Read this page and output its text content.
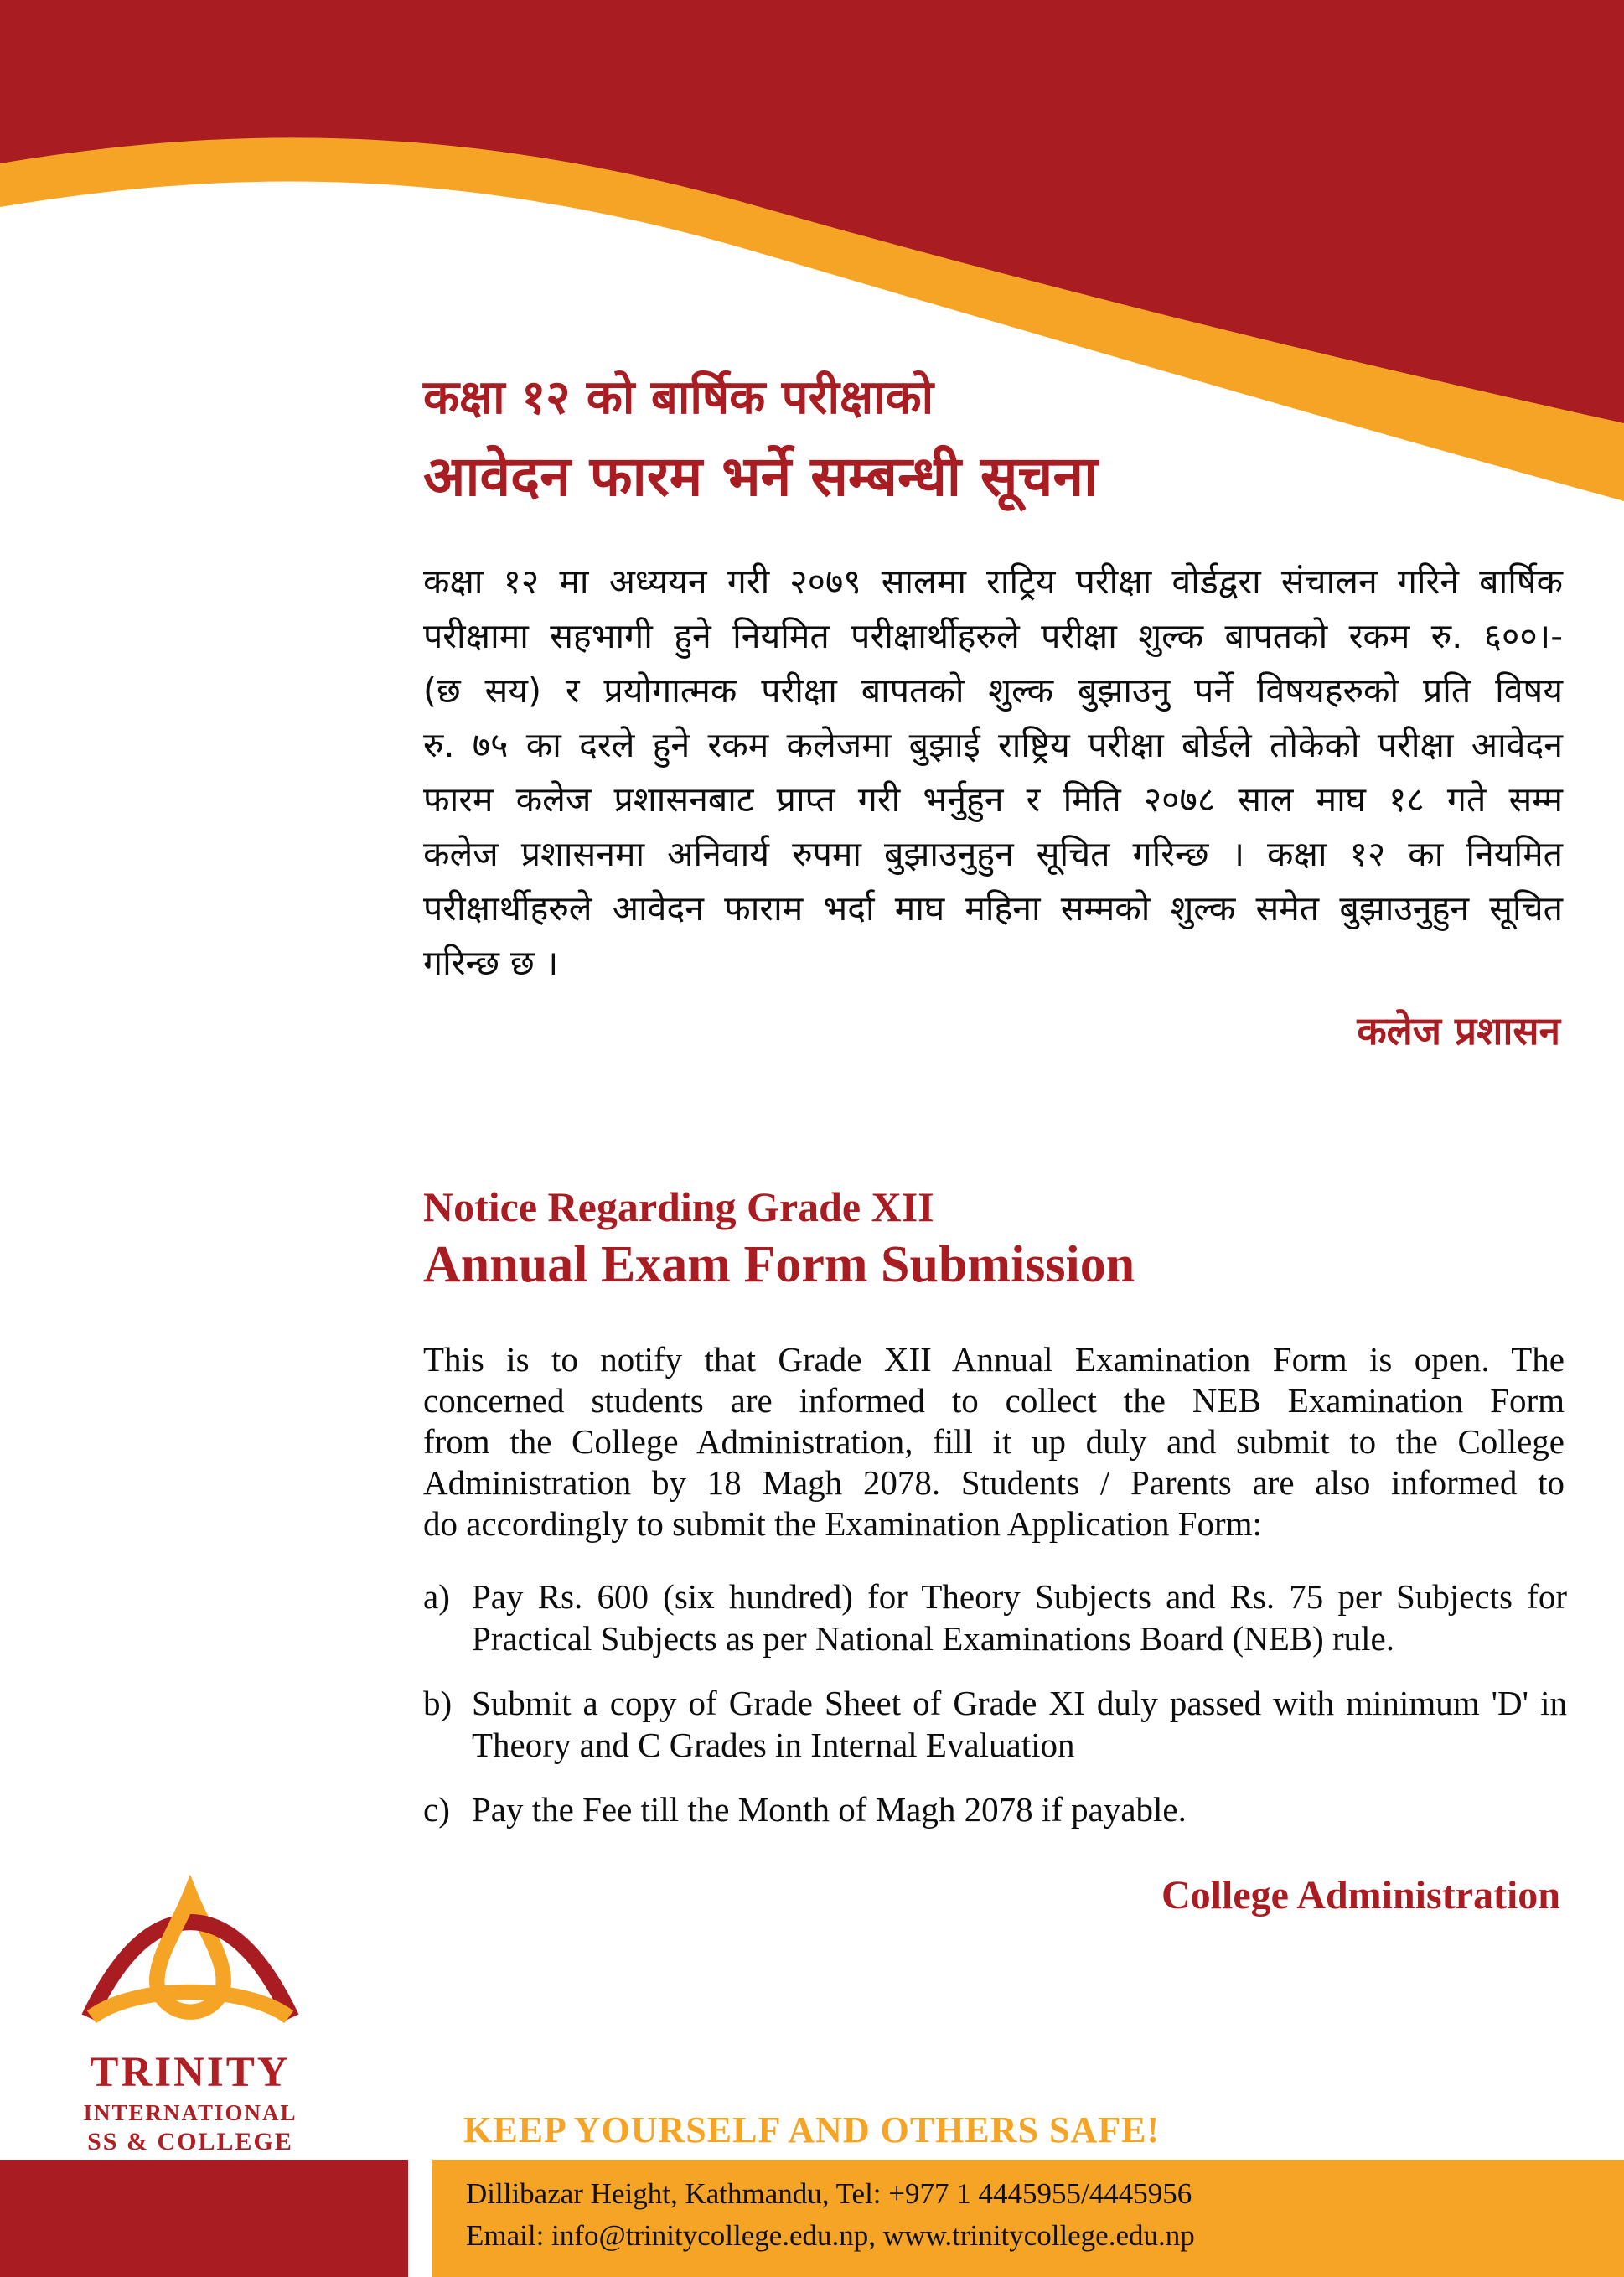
कक्षा १२ को बार्षिक परीक्षाको
आवेदन फारम भर्ने सम्बन्धी सूचना
कक्षा १२ मा अध्ययन गरी २०७९ सालमा राट्रिय परीक्षा वोर्डद्वरा संचालन गरिने बार्षिक
परीक्षामा सहभागी हुने नियमित परीक्षार्थीहरुले परीक्षा शुल्क बापतको रकम रु. ६००।-
(छ सय) र प्रयोगात्मक परीक्षा बापतको शुल्क बुझाउनु पर्ने विषयहरुको प्रति विषय
रु. ७५ का दरले हुने रकम कलेजमा बुझाई राष्ट्रिय परीक्षा बोर्डले तोकेको परीक्षा आवेदन
फारम कलेज प्रशासनबाट प्राप्त गरी भर्नुहुन र मिति २०७८ साल माघ १८ गते सम्म
कलेज प्रशासनमा अनिवार्य रुपमा बुझाउनुहुन सूचित गरिन्छ । कक्षा १२ का नियमित
परीक्षार्थीहरुले आवेदन फाराम भर्दा माघ महिना सम्मको शुल्क समेत बुझाउनुहुन सूचित
गरिन्छ छ ।
कलेज प्रशासन
Notice Regarding Grade XII
Annual Exam Form Submission
This is to notify that Grade XII Annual Examination Form is open. The
concerned students are informed to collect the NEB Examination Form
from the College Administration, fill it up duly and submit to the College
Administration by 18 Magh 2078. Students / Parents are also informed to
do accordingly to submit the Examination Application Form:
a) Pay Rs. 600 (six hundred) for Theory Subjects and Rs. 75 per Subjects for Practical Subjects as per National Examinations Board (NEB) rule.
b) Submit a copy of Grade Sheet of Grade XI duly passed with minimum 'D' in Theory and C Grades in Internal Evaluation
c) Pay the Fee till the Month of Magh 2078 if payable.
College Administration
TRINITY
INTERNATIONAL
SS & COLLEGE	KEEP YOURSELF AND OTHERS SAFE!
Dillibazar Height, Kathmandu, Tel: +977 1 4445955/4445956
Email: info@trinitycollege.edu.np, www.trinitycollege.edu.np
